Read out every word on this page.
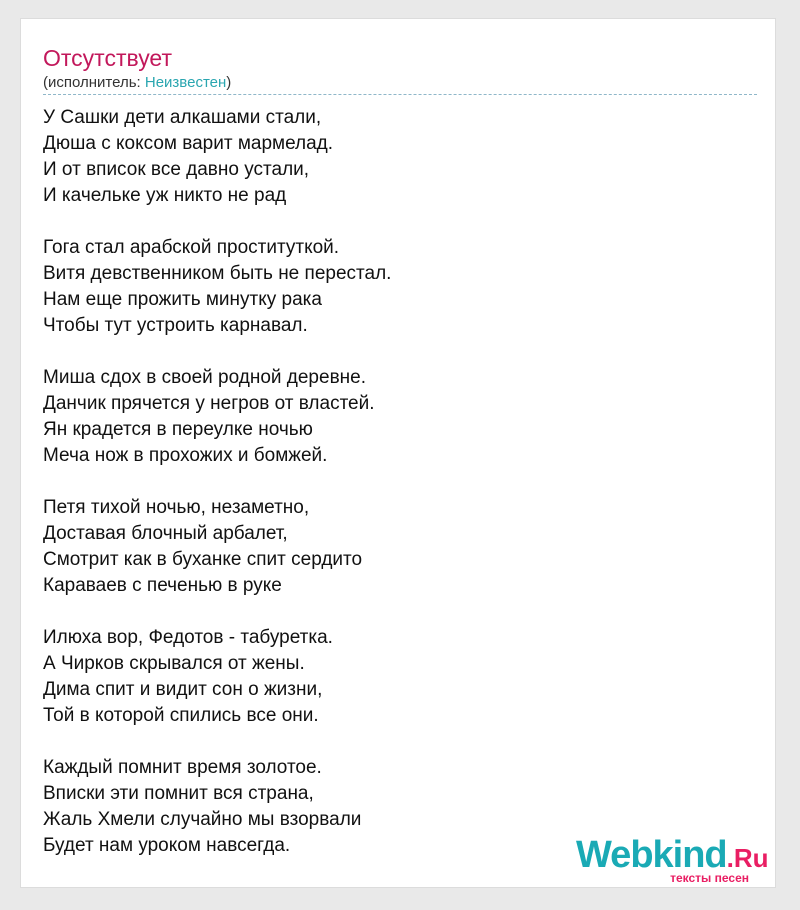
Отсутствует
(исполнитель: Неизвестен)
У Сашки дети алкашами стали,
Дюша с коксом варит мармелад.
И от вписок все давно устали,
И качельке уж никто не рад
Гога стал арабской проституткой.
Витя девственником быть не перестал.
Нам еще прожить минутку рака
Чтобы тут устроить карнавал.
Миша сдох в своей родной деревне.
Данчик прячется у негров от властей.
Ян крадется в переулке ночью
Меча нож в прохожих и бомжей.
Петя тихой ночью, незаметно,
Доставая блочный арбалет,
Смотрит как в буханке спит сердито
Караваев с печенью в руке
Илюха вор, Федотов - табуретка.
А Чирков скрывался от жены.
Дима спит и видит сон о жизни,
Той в которой спились все они.
Каждый помнит время золотое.
Вписки эти помнит вся страна,
Жаль Хмели случайно мы взорвали
Будет нам уроком навсегда.	Webkind.Ru
тексты песен
